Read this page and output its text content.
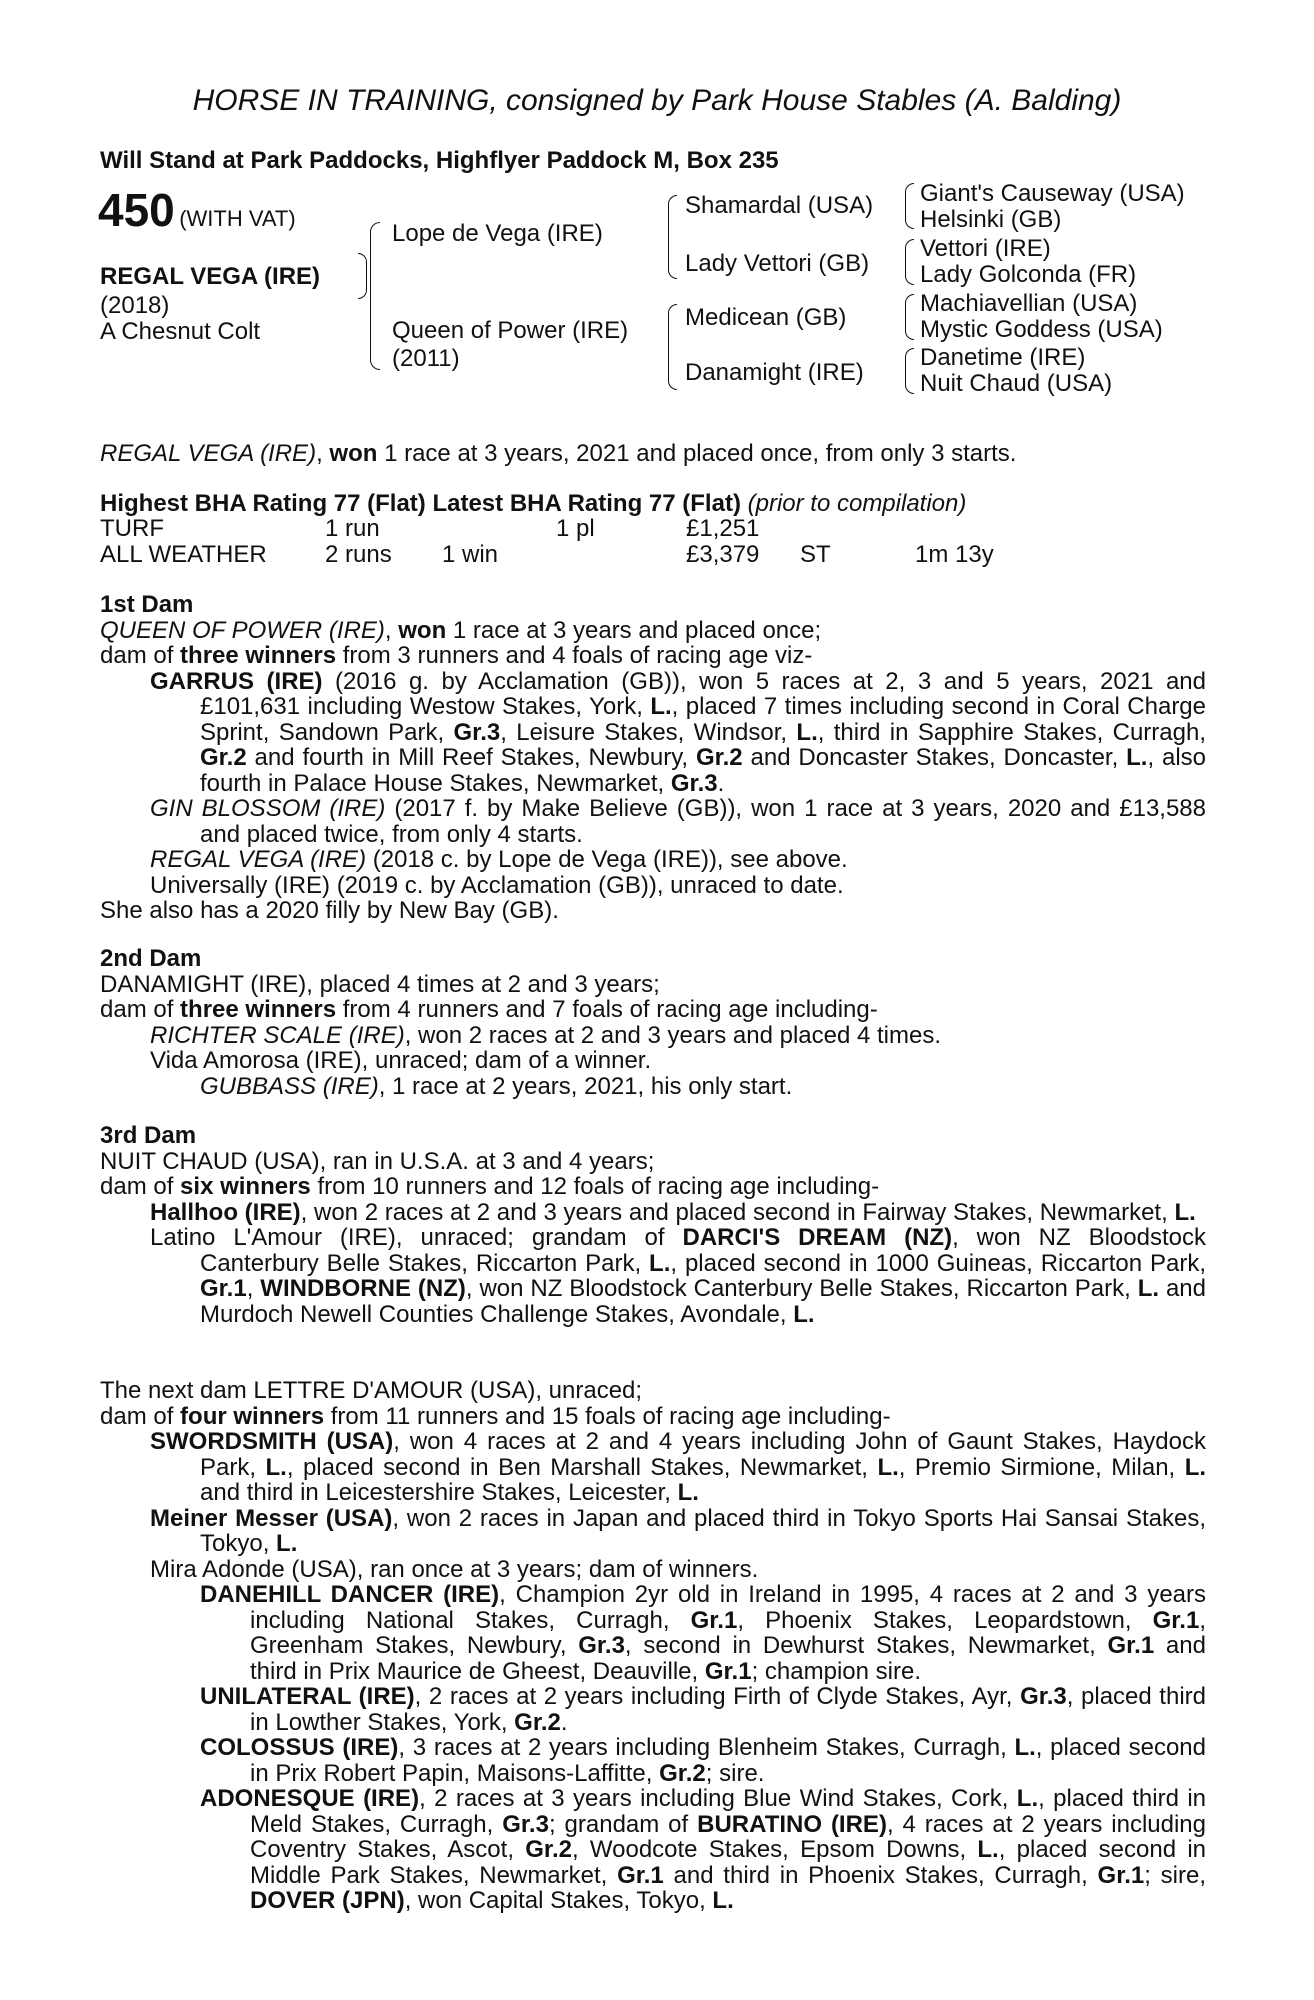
HORSE IN TRAINING, consigned by Park House Stables (A. Balding)
Will Stand at Park Paddocks, Highflyer Paddock M, Box 235
450 (WITH VAT)
REGAL VEGA (IRE)
(2018)
A Chesnut Colt
Lope de Vega (IRE)
Queen of Power (IRE)
(2011)
Shamardal (USA)
Lady Vettori (GB)
Medicean (GB)
Danamight (IRE)
Giant's Causeway (USA)
Helsinki (GB)
Vettori (IRE)
Lady Golconda (FR)
Machiavellian (USA)
Mystic Goddess (USA)
Danetime (IRE)
Nuit Chaud (USA)
REGAL VEGA (IRE), won 1 race at 3 years, 2021 and placed once, from only 3 starts.
Highest BHA Rating 77 (Flat) Latest BHA Rating 77 (Flat) (prior to compilation)
TURF	1 run	1 pl	£1,251
ALL WEATHER 2 runs 1 win	£3,379 ST	1m 13y

1st Dam

QUEEN OF POWER (IRE), won 1 race at 3 years and placed once;

dam of three winners from 3 runners and 4 foals of racing age viz-

GARRUS (IRE) (2016 g. by Acclamation (GB)), won 5 races at 2, 3 and 5 years, 2021 and £101,631 including Westow Stakes, York, L., placed 7 times including second in Coral Charge Sprint, Sandown Park, Gr.3, Leisure Stakes, Windsor, L., third in Sapphire Stakes, Curragh, Gr.2 and fourth in Mill Reef Stakes, Newbury, Gr.2 and Doncaster Stakes, Doncaster, L., also fourth in Palace House Stakes, Newmarket, Gr.3.

GIN BLOSSOM (IRE) (2017 f. by Make Believe (GB)), won 1 race at 3 years, 2020 and £13,588 and placed twice, from only 4 starts.

REGAL VEGA (IRE) (2018 c. by Lope de Vega (IRE)), see above.

Universally (IRE) (2019 c. by Acclamation (GB)), unraced to date.

She also has a 2020 filly by New Bay (GB).

2nd Dam

DANAMIGHT (IRE), placed 4 times at 2 and 3 years;

dam of three winners from 4 runners and 7 foals of racing age including-

RICHTER SCALE (IRE), won 2 races at 2 and 3 years and placed 4 times.

Vida Amorosa (IRE), unraced; dam of a winner.

GUBBASS (IRE), 1 race at 2 years, 2021, his only start.

3rd Dam

NUIT CHAUD (USA), ran in U.S.A. at 3 and 4 years;

dam of six winners from 10 runners and 12 foals of racing age including-

Hallhoo (IRE), won 2 races at 2 and 3 years and placed second in Fairway Stakes, Newmarket, L.

Latino L'Amour (IRE), unraced; grandam of DARCI'S DREAM (NZ), won NZ Bloodstock Canterbury Belle Stakes, Riccarton Park, L., placed second in 1000 Guineas, Riccarton Park, Gr.1, WINDBORNE (NZ), won NZ Bloodstock Canterbury Belle Stakes, Riccarton Park, L. and Murdoch Newell Counties Challenge Stakes, Avondale, L.

The next dam LETTRE D'AMOUR (USA), unraced;

dam of four winners from 11 runners and 15 foals of racing age including-

SWORDSMITH (USA), won 4 races at 2 and 4 years including John of Gaunt Stakes, Haydock Park, L., placed second in Ben Marshall Stakes, Newmarket, L., Premio Sirmione, Milan, L. and third in Leicestershire Stakes, Leicester, L.

Meiner Messer (USA), won 2 races in Japan and placed third in Tokyo Sports Hai Sansai Stakes, Tokyo, L.

Mira Adonde (USA), ran once at 3 years; dam of winners.

DANEHILL DANCER (IRE), Champion 2yr old in Ireland in 1995, 4 races at 2 and 3 years including National Stakes, Curragh, Gr.1, Phoenix Stakes, Leopardstown, Gr.1, Greenham Stakes, Newbury, Gr.3, second in Dewhurst Stakes, Newmarket, Gr.1 and third in Prix Maurice de Gheest, Deauville, Gr.1; champion sire.

UNILATERAL (IRE), 2 races at 2 years including Firth of Clyde Stakes, Ayr, Gr.3, placed third in Lowther Stakes, York, Gr.2.

COLOSSUS (IRE), 3 races at 2 years including Blenheim Stakes, Curragh, L., placed second in Prix Robert Papin, Maisons-Laffitte, Gr.2; sire.

ADONESQUE (IRE), 2 races at 3 years including Blue Wind Stakes, Cork, L., placed third in Meld Stakes, Curragh, Gr.3; grandam of BURATINO (IRE), 4 races at 2 years including Coventry Stakes, Ascot, Gr.2, Woodcote Stakes, Epsom Downs, L., placed second in Middle Park Stakes, Newmarket, Gr.1 and third in Phoenix Stakes, Curragh, Gr.1; sire, DOVER (JPN), won Capital Stakes, Tokyo, L.
